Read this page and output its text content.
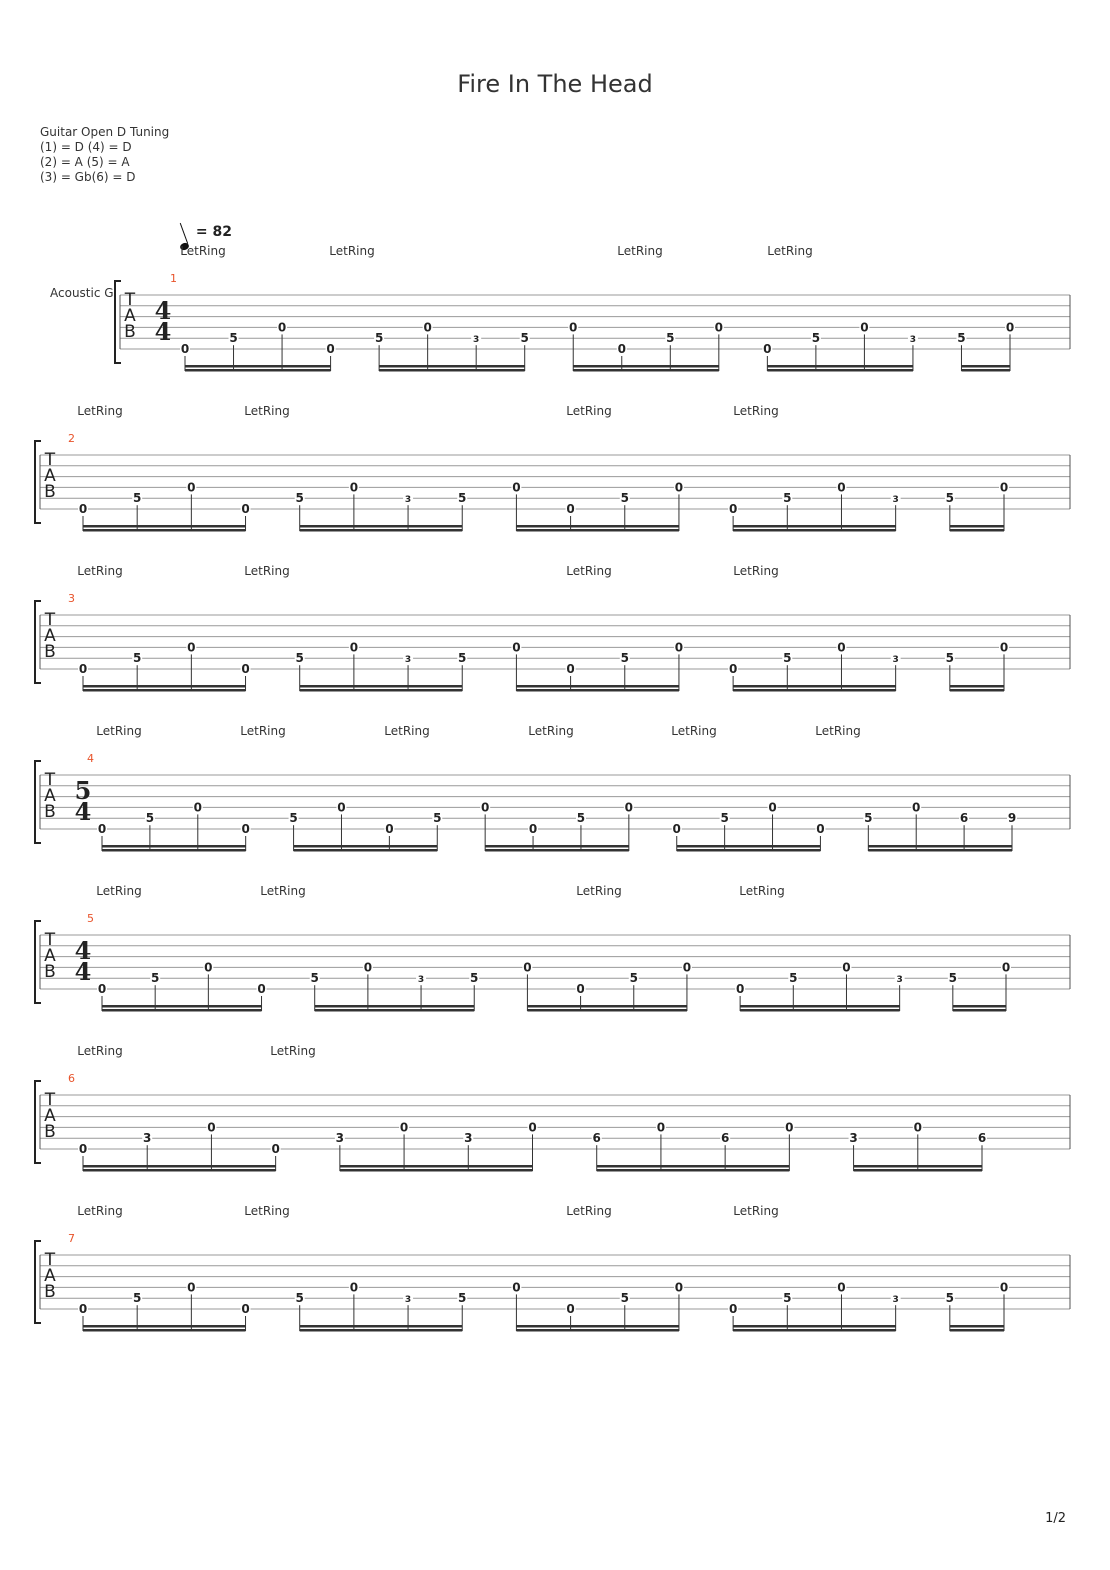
Fire In The Head
Guitar Open D Tuning
(1) = D (4) = D
(2) = A (5) = A
(3) = Gb(6) = D
= 82
Acoustic G
LetRing	LetRing	LetRing	LetRing
1
T
A
B
4
4
0
5
0
0
5
0
3	5
0
0
5
0
0
5
0
3	5
0
LetRing	LetRing	LetRing	LetRing
2
T
A
B
0
5
0
0
5
0
3	5
0
0
5
0
0
5
0
3	5
0
LetRing	LetRing	LetRing	LetRing
3
T
A
B
0
5
0
0
5
0
3	5
0
0
5
0
0
5
0
3	5
0
LetRing	LetRing	LetRing	LetRing	LetRing	LetRing
4
T
A
B
5
4
0
5
0
0
5
0
0
5
0
0
5
0
0
5
0
0
5
0
6	9
LetRing	LetRing	LetRing	LetRing
5
T
A
B
4
4
0
5
0
0
5
0
3	5
0
0
5
0
0
5
0
3	5
0
LetRing	LetRing
6
T
A
B
0
3
0
0
3
0
3
0
6
0
6
0
3
0
6
LetRing	LetRing	LetRing	LetRing
7
T
A
B
0
5
0
0
5
0
3	5
0
0
5
0
0
5
0
3	5
0
1/2
